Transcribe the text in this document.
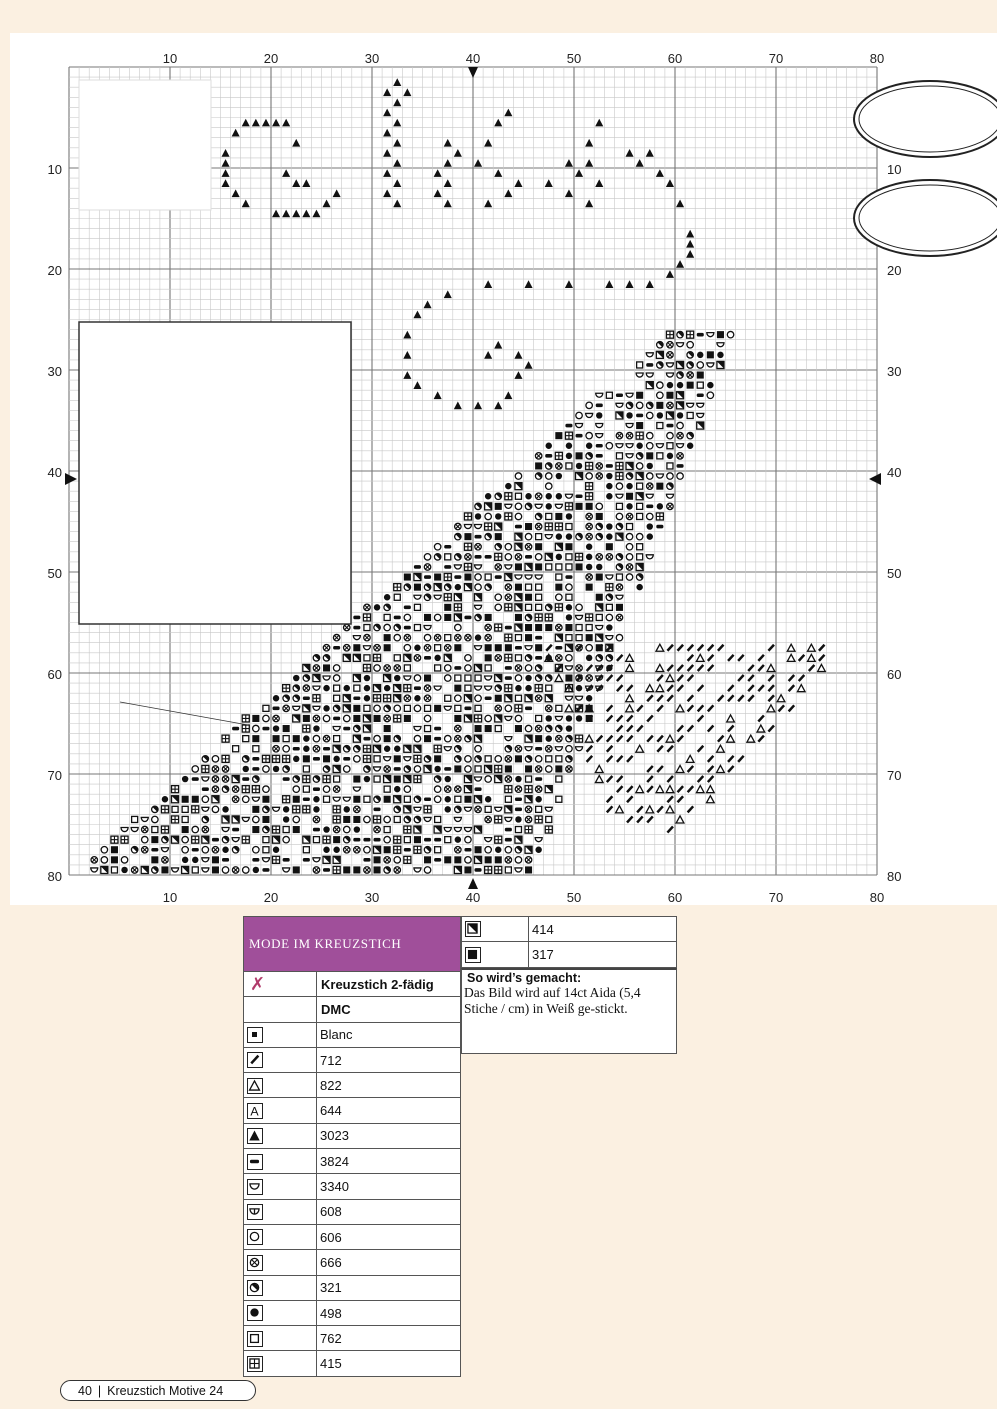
10	20	30	40	50	60	70	80
10	20	30	40	50	60	70	80
10
20
30
40
50
60
70
80
10
20
30
40
50
60
70
80
MODE IM KREUZSTICH	
✗	Kreuzstich 2-fädig
	DMC

	Blanc

	712

	822

A	644

	3023

	3824

	3340

	608

	606

	666

	321

	498

	762

	415
	414

	317
So wird’s gemacht:
Das Bild wird auf 14ct Aida (5,4 Stiche / cm) in Weiß ge-stickt.
40 | Kreuzstich Motive 24
